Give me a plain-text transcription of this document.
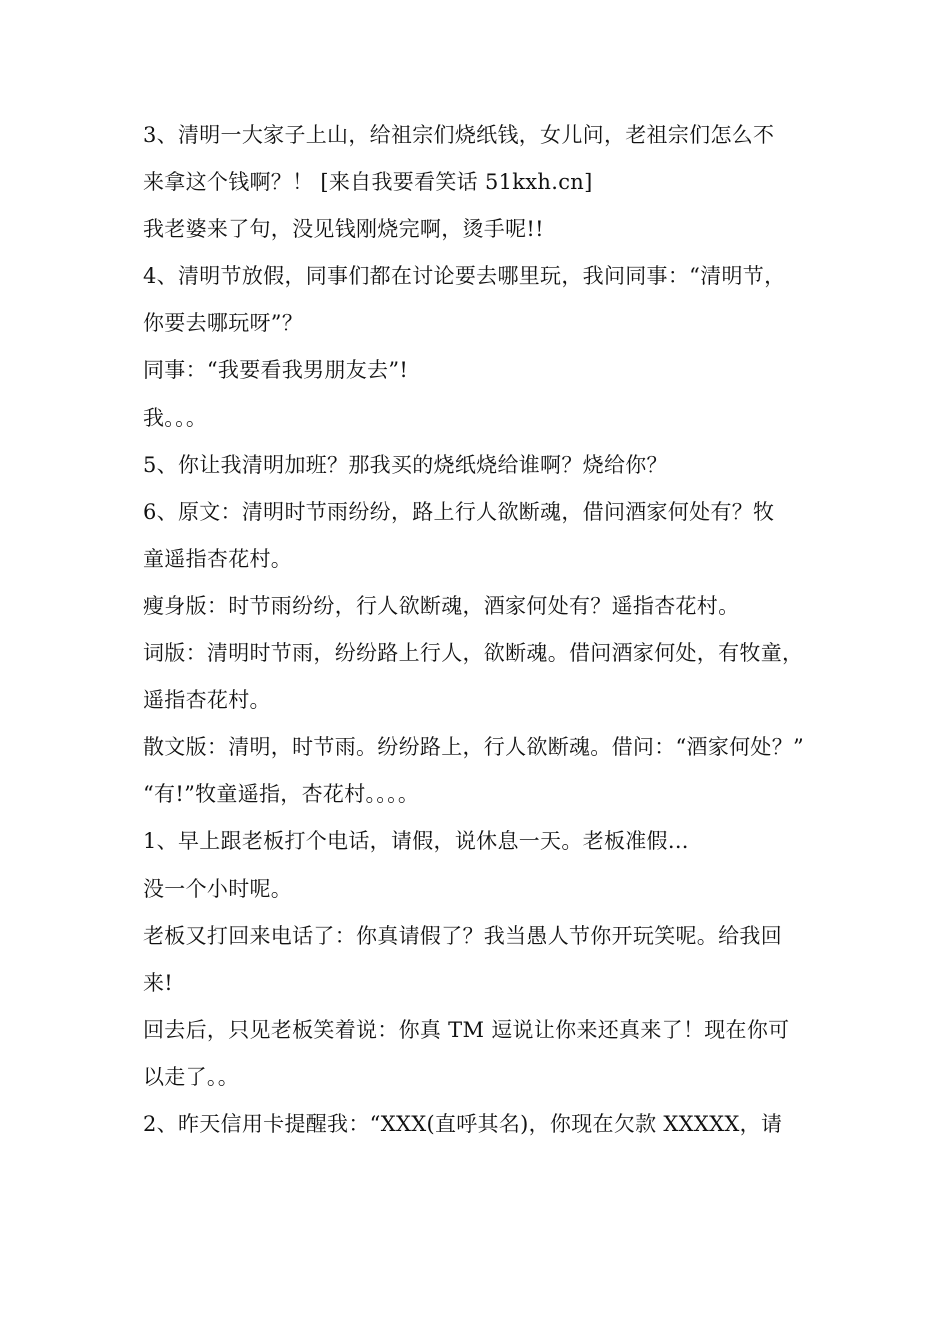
3、清明一大家子上山，给祖宗们烧纸钱，女儿问，老祖宗们怎么不
来拿这个钱啊？！ [来自我要看笑话 51kxh.cn]
我老婆来了句，没见钱刚烧完啊，烫手呢!!
4、清明节放假，同事们都在讨论要去哪里玩，我问同事：“清明节，
你要去哪玩呀”？
同事：“我要看我男朋友去”!
我。。。
5、你让我清明加班？那我买的烧纸烧给谁啊？烧给你？
6、原文：清明时节雨纷纷，路上行人欲断魂，借问酒家何处有？牧
童遥指杏花村。
瘦身版：时节雨纷纷，行人欲断魂，酒家何处有？遥指杏花村。
词版：清明时节雨，纷纷路上行人，欲断魂。借问酒家何处，有牧童，
遥指杏花村。
散文版：清明，时节雨。纷纷路上，行人欲断魂。借问：“酒家何处？”
“有!”牧童遥指，杏花村。。。。
1、早上跟老板打个电话，请假，说休息一天。老板准假...
没一个小时呢。
老板又打回来电话了：你真请假了？我当愚人节你开玩笑呢。给我回
来!
回去后，只见老板笑着说：你真 TM 逗说让你来还真来了！现在你可
以走了。。
2、昨天信用卡提醒我：“XXX(直呼其名)，你现在欠款 XXXXX，请
